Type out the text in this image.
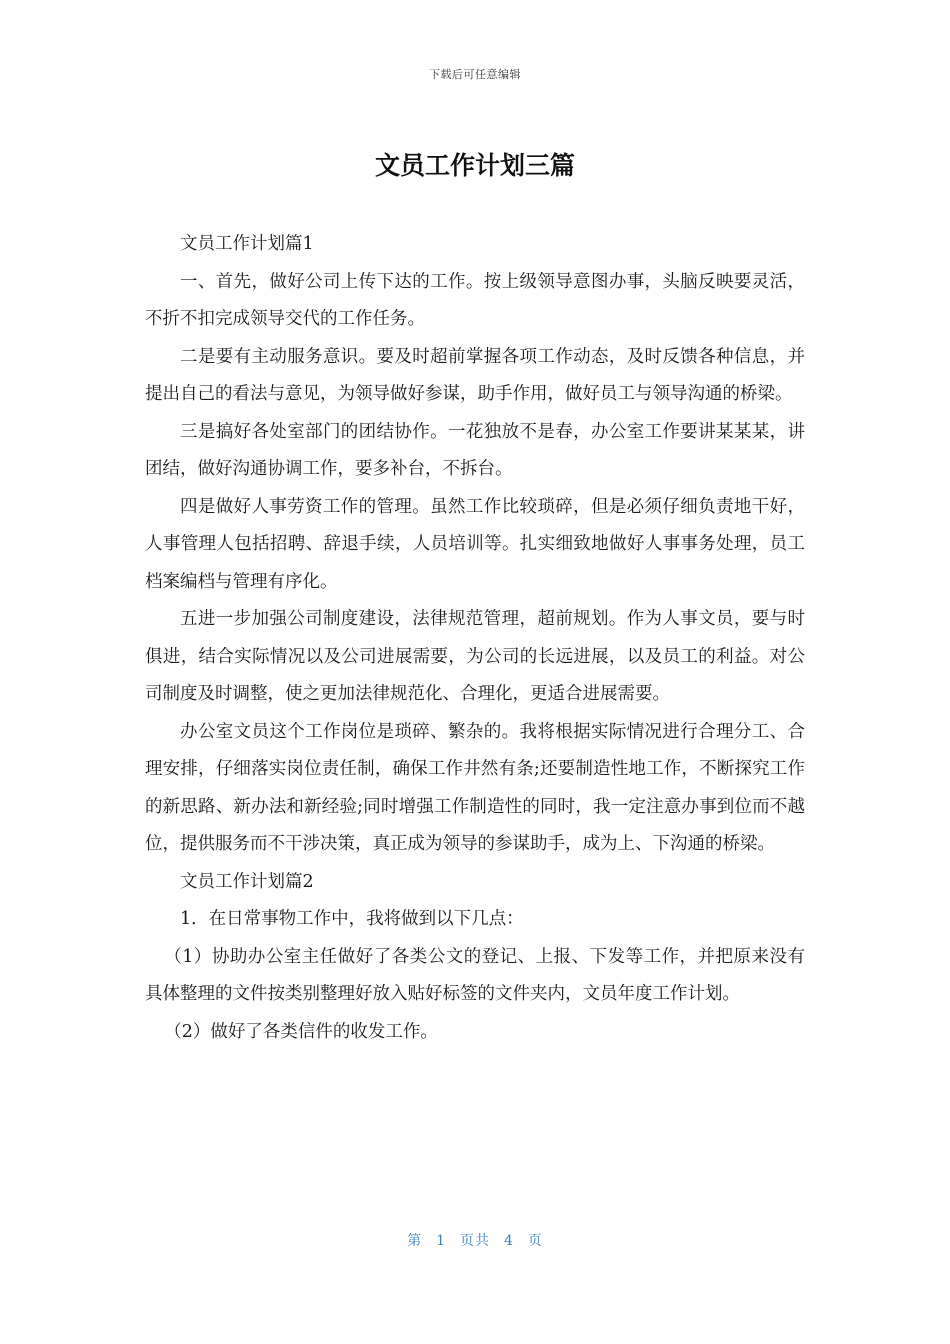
下载后可任意编辑
文员工作计划三篇

文员工作计划篇1

一、首先，做好公司上传下达的工作。按上级领导意图办事，头脑反映要灵活，不折不扣完成领导交代的工作任务。

二是要有主动服务意识。要及时超前掌握各项工作动态，及时反馈各种信息，并提出自己的看法与意见，为领导做好参谋，助手作用，做好员工与领导沟通的桥梁。

三是搞好各处室部门的团结协作。一花独放不是春，办公室工作要讲某某某，讲团结，做好沟通协调工作，要多补台，不拆台。

四是做好人事劳资工作的管理。虽然工作比较琐碎，但是必须仔细负责地干好，人事管理人包括招聘、辞退手续，人员培训等。扎实细致地做好人事事务处理，员工档案编档与管理有序化。

五进一步加强公司制度建设，法律规范管理，超前规划。作为人事文员，要与时俱进，结合实际情况以及公司进展需要，为公司的长远进展，以及员工的利益。对公司制度及时调整，使之更加法律规范化、合理化，更适合进展需要。

办公室文员这个工作岗位是琐碎、繁杂的。我将根据实际情况进行合理分工、合理安排，仔细落实岗位责任制，确保工作井然有条;还要制造性地工作，不断探究工作的新思路、新办法和新经验;同时增强工作制造性的同时，我一定注意办事到位而不越位，提供服务而不干涉决策，真正成为领导的参谋助手，成为上、下沟通的桥梁。

文员工作计划篇2

1．在日常事物工作中，我将做到以下几点：

（1）协助办公室主任做好了各类公文的登记、上报、下发等工作，并把原来没有具体整理的文件按类别整理好放入贴好标签的文件夹内，文员年度工作计划。

（2）做好了各类信件的收发工作。

第 1 页共 4 页
